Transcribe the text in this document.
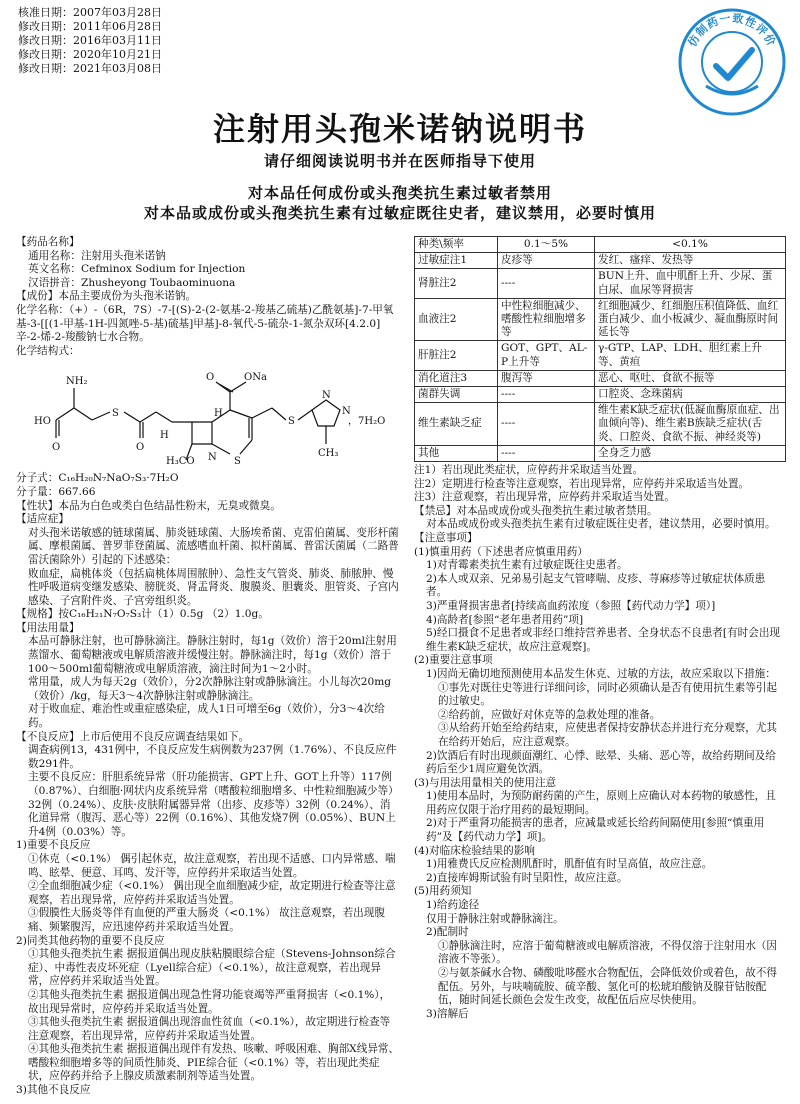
核准日期：2007年03月28日
修改日期：2011年06月28日
修改日期：2016年03月11日
修改日期：2020年10月21日
修改日期：2021年03月08日
仿制药一致性评价
注射用头孢米诺钠说明书
请仔细阅读说明书并在医师指导下使用
对本品任何成份或头孢类抗生素过敏者禁用
对本品或成份或头孢类抗生素有过敏症既往史者，建议禁用，必要时慎用

【药品名称】

通用名称：注射用头孢米诺钠

英文名称：Cefminox Sodium for Injection

汉语拼音：Zhusheyong Toubaominuona

【成份】本品主要成份为头孢米诺钠。

化学名称：（+）-（6R，7S）-7-[(S)-2-(2-氨基-2-羧基乙硫基)乙酰氨基]-7-甲氧基-3-[[(1-甲基-1H-四氮唑-5-基)硫基]甲基]-8-氧代-5-硫杂-1-氮杂双环[4.2.0]辛-2-烯-2-羧酸钠七水合物。

化学结构式：

ONa NH₂ HO O S O H H₃CO N H S O S N N CH₃ ，7H₂O

分子式：C₁₆H₂₀N₇NaO₇S₃·7H₂O

分子量：667.66

【性状】本品为白色或类白色结晶性粉末，无臭或微臭。

【适应症】

对头孢米诺敏感的链球菌属、肺炎链球菌、大肠埃希菌、克雷伯菌属、变形杆菌属、摩根菌属、普罗菲登菌属、流感嗜血杆菌、拟杆菌属、普雷沃菌属（二路普雷沃菌除外）引起的下述感染：

败血症，扁桃体炎（包括扁桃体周围脓肿）、急性支气管炎、肺炎、肺脓肿、慢性呼吸道病变继发感染、膀胱炎、肾盂肾炎、腹膜炎、胆囊炎、胆管炎、子宫内感染、子宫附件炎、子宫旁组织炎。

【规格】按C₁₆H₂₁N₇O₇S₃计（1）0.5g （2）1.0g。

【用法用量】

本品可静脉注射，也可静脉滴注。静脉注射时，每1g（效价）溶于20ml注射用蒸馏水、葡萄糖液或电解质溶液并缓慢注射。静脉滴注时，每1g（效价）溶于100～500ml葡萄糖液或电解质溶液，滴注时间为1～2小时。

常用量，成人为每天2g（效价），分2次静脉注射或静脉滴注。小儿每次20mg（效价）/kg，每天3～4次静脉注射或静脉滴注。

对于败血症、难治性或重症感染症，成人1日可增至6g（效价），分3～4次给药。

【不良反应】上市后使用不良反应调查结果如下。

调查病例13，431例中，不良反应发生病例数为237例（1.76%）、不良反应件数291件。

主要不良反应：肝胆系统异常（肝功能损害、GPT上升、GOT上升等）117例（0.87%）、白细胞·网状内皮系统异常（嗜酸粒细胞增多、中性粒细胞减少等）32例（0.24%）、皮肤·皮肤附属器异常（出疹、皮疹等）32例（0.24%）、消化道异常（腹泻、恶心等）22例（0.16%）、其他发烧7例（0.05%）、BUN上升4例（0.03%）等。

1)重要不良反应

①休克（<0.1%） 偶引起休克，故注意观察，若出现不适感、口内异常感、喘鸣、眩晕、便意、耳鸣、发汗等，应停药并采取适当处置。

②全血细胞减少症（<0.1%） 偶出现全血细胞减少症，故定期进行检查等注意观察，若出现异常，应停药并采取适当处置。

③假膜性大肠炎等伴有血便的严重大肠炎（<0.1%） 故注意观察，若出现腹痛、频繁腹泻，应迅速停药并采取适当处置。

2)同类其他药物的重要不良反应

①其他头孢类抗生素 据报道偶出现皮肤粘膜眼综合症（Stevens-Johnson综合症）、中毒性表皮坏死症（Lyell综合症）（<0.1%），故注意观察，若出现异常，应停药并采取适当处置。

②其他头孢类抗生素 据报道偶出现急性肾功能衰竭等严重肾损害（<0.1%），故出现异常时，应停药并采取适当处置。

③其他头孢类抗生素 据报道偶出现溶血性贫血（<0.1%），故定期进行检查等注意观察，若出现异常，应停药并采取适当处置。

④其他头孢类抗生素 据报道偶出现伴有发热、咳嗽、呼吸困难、胸部X线异常、嗜酸粒细胞增多等的间质性肺炎、PIE综合征（<0.1%）等，若出现此类症状，应停药并给予上腺皮质激素制剂等适当处置。

3)其他不良反应

种类\频率	0.1～5%	<0.1%
过敏症注1	皮疹等	发红、瘙痒、发热等
肾脏注2	----	BUN上升、血中肌酐上升、少尿、蛋白尿、血尿等肾损害
血液注2	中性粒细胞减少、嗜酸性粒细胞增多等	红细胞减少、红细胞压积值降低、血红蛋白减少、血小板减少、凝血酶原时间延长等
肝脏注2	GOT、GPT、AL-P上升等	γ-GTP、LAP、LDH、胆红素上升等、黄疸
消化道注3	腹泻等	恶心、呕吐、食欲不振等
菌群失调	----	口腔炎、念珠菌病
维生素缺乏症	----	维生素K缺乏症状(低凝血酶原血症、出血倾向等)、维生素B族缺乏症状(舌炎、口腔炎、食欲不振、神经炎等)
其他	----	全身乏力感

注1）若出现此类症状，应停药并采取适当处置。

注2）定期进行检查等注意观察，若出现异常，应停药并采取适当处置。

注3）注意观察，若出现异常，应停药并采取适当处置。

【禁忌】对本品或成份或头孢类抗生素过敏者禁用。

对本品或成份或头孢类抗生素有过敏症既往史者，建议禁用，必要时慎用。

【注意事项】

(1)慎重用药（下述患者应慎重用药）

1)对青霉素类抗生素有过敏症既往史患者。

2)本人或双亲、兄弟易引起支气管哮喘、皮疹、荨麻疹等过敏症状体质患者。

3)严重肾损害患者[持续高血药浓度（参照【药代动力学】项）]

4)高龄者[参照“老年患者用药”项]

5)经口摄食不足患者或非经口维持营养患者、全身状态不良患者[有时会出现维生素K缺乏症状，故应注意观察]。

(2)重要注意事项

1)因尚无确切地预测使用本品发生休克、过敏的方法，故应采取以下措施：

①事先对既往史等进行详细问诊，同时必须确认是否有使用抗生素等引起的过敏史。

②给药前，应做好对休克等的急救处理的准备。

③从给药开始至给药结束，应使患者保持安静状态并进行充分观察，尤其在给药开始后，应注意观察。

2)饮酒后有时出现颜面潮红、心悸、眩晕、头痛、恶心等，故给药期间及给药后至少1周应避免饮酒。

(3)与用法用量相关的使用注意

1)使用本品时，为预防耐药菌的产生，原则上应确认对本药物的敏感性，且用药应仅限于治疗用药的最短期间。

2)对于严重肾功能损害的患者，应减量或延长给药间隔使用[参照“慎重用药”及【药代动力学】项]。

(4)对临床检验结果的影响

1)用雅费氏反应检测肌酐时，肌酐值有时呈高值，故应注意。

2)直接库姆斯试验有时呈阳性，故应注意。

(5)用药须知

1)给药途径

仅用于静脉注射或静脉滴注。

2)配制时

①静脉滴注时，应溶于葡萄糖液或电解质溶液，不得仅溶于注射用水（因溶液不等张）。

②与氨茶碱水合物、磷酸吡哆醛水合物配伍，会降低效价或着色，故不得配伍。另外，与呋喃硫胺、硫辛酸、氢化可的松琥珀酸钠及腺苷钴胺配伍，随时间延长颜色会发生改变，故配伍后应尽快使用。

3)溶解后
